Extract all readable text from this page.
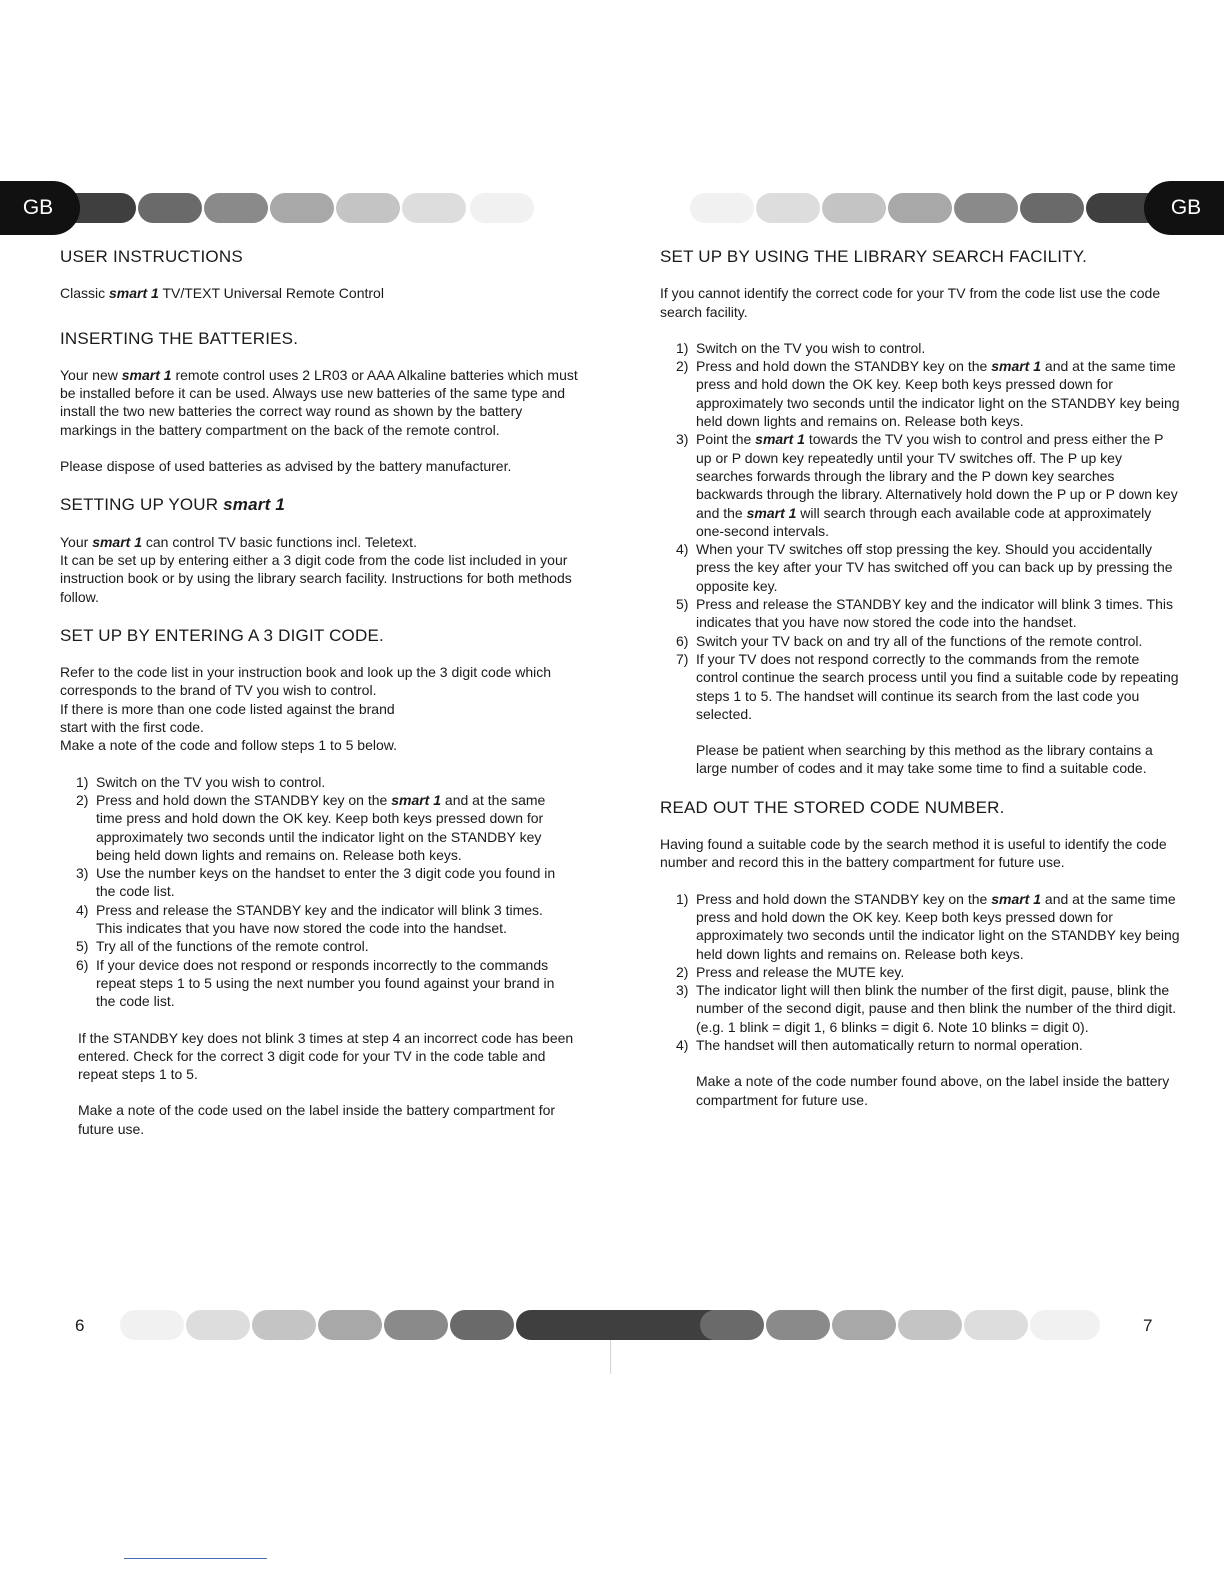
GB	GB
USER INSTRUCTIONS

Classic smart 1 TV/TEXT Universal Remote Control

INSERTING THE BATTERIES.

Your new smart 1 remote control uses 2 LR03 or AAA Alkaline batteries which must be installed before it can be used. Always use new batteries of the same type and install the two new batteries the correct way round as shown by the battery markings in the battery compartment on the back of the remote control.

Please dispose of used batteries as advised by the battery manufacturer.

SETTING UP YOUR smart 1

Your smart 1 can control TV basic functions incl. Teletext.

It can be set up by entering either a 3 digit code from the code list included in your instruction book or by using the library search facility. Instructions for both methods follow.

SET UP BY ENTERING A 3 DIGIT CODE.

Refer to the code list in your instruction book and look up the 3 digit code which corresponds to the brand of TV you wish to control.

If there is more than one code listed against the brand

start with the first code.

Make a note of the code and follow steps 1 to 5 below.

1) Switch on the TV you wish to control.
2) Press and hold down the STANDBY key on the smart 1 and at the same time press and hold down the OK key. Keep both keys pressed down for approximately two seconds until the indicator light on the STANDBY key being held down lights and remains on. Release both keys.
3) Use the number keys on the handset to enter the 3 digit code you found in the code list.
4) Press and release the STANDBY key and the indicator will blink 3 times. This indicates that you have now stored the code into the handset.
5) Try all of the functions of the remote control.
6) If your device does not respond or responds incorrectly to the commands repeat steps 1 to 5 using the next number you found against your brand in the code list.

If the STANDBY key does not blink 3 times at step 4 an incorrect code has been entered. Check for the correct 3 digit code for your TV in the code table and repeat steps 1 to 5.

Make a note of the code used on the label inside the battery compartment for future use.

SET UP BY USING THE LIBRARY SEARCH FACILITY.

If you cannot identify the correct code for your TV from the code list use the code search facility.

1) Switch on the TV you wish to control.
2) Press and hold down the STANDBY key on the smart 1 and at the same time press and hold down the OK key. Keep both keys pressed down for approximately two seconds until the indicator light on the STANDBY key being held down lights and remains on. Release both keys.
3) Point the smart 1 towards the TV you wish to control and press either the P up or P down key repeatedly until your TV switches off. The P up key searches forwards through the library and the P down key searches backwards through the library. Alternatively hold down the P up or P down key and the smart 1 will search through each available code at approximately one-second intervals.
4) When your TV switches off stop pressing the key. Should you accidentally press the key after your TV has switched off you can back up by pressing the opposite key.
5) Press and release the STANDBY key and the indicator will blink 3 times. This indicates that you have now stored the code into the handset.
6) Switch your TV back on and try all of the functions of the remote control.
7) If your TV does not respond correctly to the commands from the remote control continue the search process until you find a suitable code by repeating steps 1 to 5. The handset will continue its search from the last code you selected.

Please be patient when searching by this method as the library contains a large number of codes and it may take some time to find a suitable code.

READ OUT THE STORED CODE NUMBER.

Having found a suitable code by the search method it is useful to identify the code number and record this in the battery compartment for future use.

1) Press and hold down the STANDBY key on the smart 1 and at the same time press and hold down the OK key. Keep both keys pressed down for approximately two seconds until the indicator light on the STANDBY key being held down lights and remains on. Release both keys.
2) Press and release the MUTE key.
3) The indicator light will then blink the number of the first digit, pause, blink the number of the second digit, pause and then blink the number of the third digit. (e.g. 1 blink = digit 1, 6 blinks = digit 6. Note 10 blinks = digit 0).
4) The handset will then automatically return to normal operation.

Make a note of the code number found above, on the label inside the battery compartment for future use.

6	7
